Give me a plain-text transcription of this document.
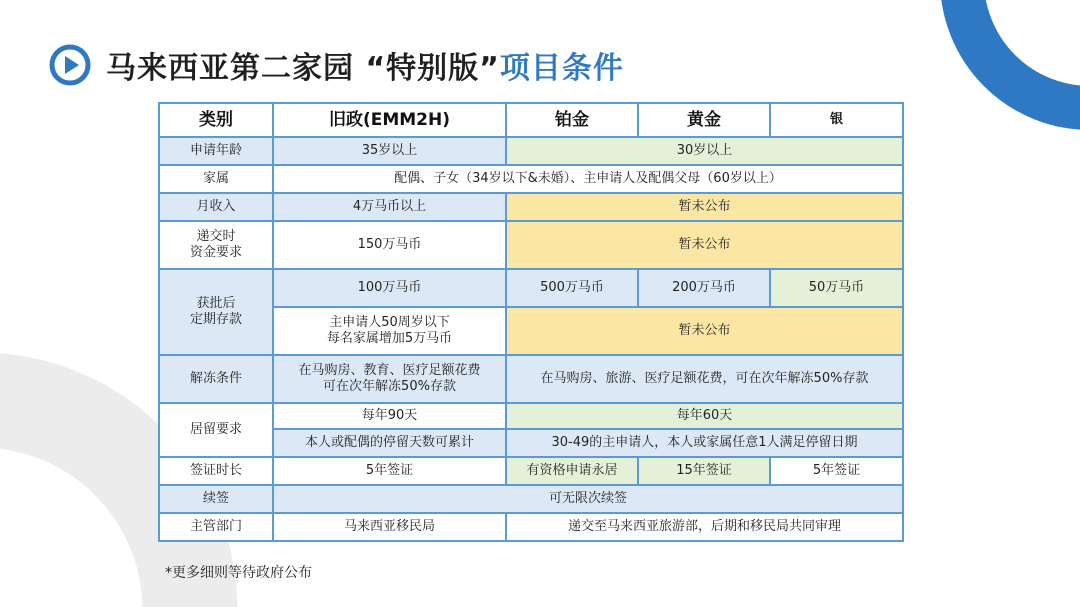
马来西亚第二家园 “特别版”项目条件
类别	旧政(EMM2H)	铂金	黄金	银
申请年龄	35岁以上	30岁以上		
家属	配偶、子女（34岁以下&未婚）、主申请人及配偶父母（60岁以上）			
月收入	4万马币以上	暂未公布		

递交时
资金要求	150万马币	暂未公布		

获批后
定期存款	100万马币	500万马币	200万马币	50万马币

	主申请人50周岁以下
每名家属增加5万马币	暂未公布		
解冻条件	在马购房、教育、医疗足额花费
可在次年解冻50%存款	在马购房、旅游、医疗足额花费，可在次年解冻50%存款		
居留要求	每年90天	每年60天		
	本人或配偶的停留天数可累计	30-49的主申请人，本人或家属任意1人满足停留日期		
签证时长	5年签证	有资格申请永居	15年签证	5年签证
续签	可无限次续签			
主管部门	马来西亚移民局	递交至马来西亚旅游部，后期和移民局共同审理		
*更多细则等待政府公布
